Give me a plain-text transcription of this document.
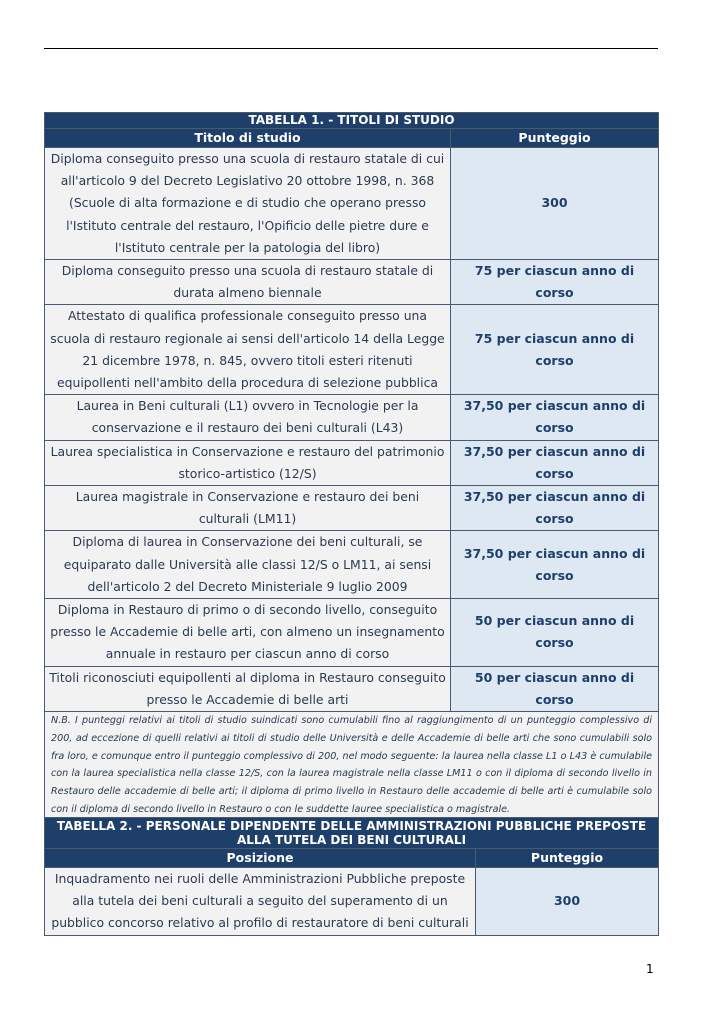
TABELLA 1. - TITOLI DI STUDIO	
Titolo di studio	Punteggio
Diploma conseguito presso una scuola di restauro statale di cui all'articolo 9 del Decreto Legislativo 20 ottobre 1998, n. 368 (Scuole di alta formazione e di studio che operano presso l'Istituto centrale del restauro, l'Opificio delle pietre dure e l'Istituto centrale per la patologia del libro)	300
Diploma conseguito presso una scuola di restauro statale di durata almeno biennale	75 per ciascun anno di corso
Attestato di qualifica professionale conseguito presso una scuola di restauro regionale ai sensi dell'articolo 14 della Legge 21 dicembre 1978, n. 845, ovvero titoli esteri ritenuti equipollenti nell'ambito della procedura di selezione pubblica	75 per ciascun anno di corso
Laurea in Beni culturali (L1) ovvero in Tecnologie per la conservazione e il restauro dei beni culturali (L43)	37,50 per ciascun anno di corso
Laurea specialistica in Conservazione e restauro del patrimonio storico-artistico (12/S)	37,50 per ciascun anno di corso
Laurea magistrale in Conservazione e restauro dei beni culturali (LM11)	37,50 per ciascun anno di corso
Diploma di laurea in Conservazione dei beni culturali, se equiparato dalle Università alle classi 12/S o LM11, ai sensi dell'articolo 2 del Decreto Ministeriale 9 luglio 2009	37,50 per ciascun anno di corso
Diploma in Restauro di primo o di secondo livello, conseguito presso le Accademie di belle arti, con almeno un insegnamento annuale in restauro per ciascun anno di corso	50 per ciascun anno di corso
Titoli riconosciuti equipollenti al diploma in Restauro conseguito presso le Accademie di belle arti	50 per ciascun anno di corso
N.B. I punteggi relativi ai titoli di studio suindicati sono cumulabili fino al raggiungimento di un punteggio complessivo di 200, ad eccezione di quelli relativi ai titoli di studio delle Università e delle Accademie di belle arti che sono cumulabili solo fra loro, e comunque entro il punteggio complessivo di 200, nel modo seguente: la laurea nella classe L1 o L43 è cumulabile con la laurea specialistica nella classe 12/S, con la laurea magistrale nella classe LM11 o con il diploma di secondo livello in Restauro delle accademie di belle arti; il diploma di primo livello in Restauro delle accademie di belle arti è cumulabile solo con il diploma di secondo livello in Restauro o con le suddette lauree specialistica o magistrale.	
TABELLA 2. - PERSONALE DIPENDENTE DELLE AMMINISTRAZIONI PUBBLICHE PREPOSTE ALLA TUTELA DEI BENI CULTURALI	
Posizione	Punteggio
Inquadramento nei ruoli delle Amministrazioni Pubbliche preposte alla tutela dei beni culturali a seguito del superamento di un pubblico concorso relativo al profilo di restauratore di beni culturali	300
1
